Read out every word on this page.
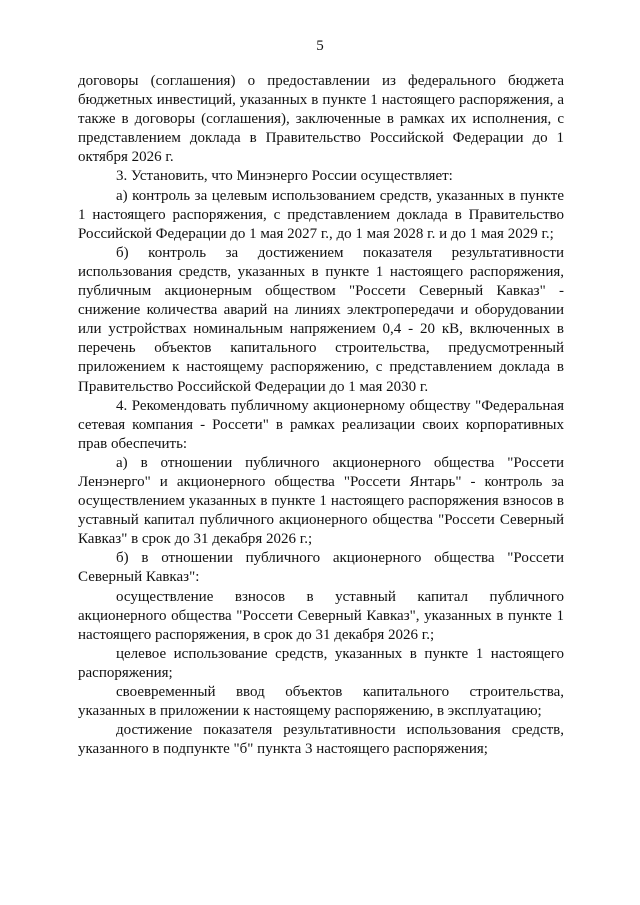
5

договоры (соглашения) о предоставлении из федерального бюджета бюджетных инвестиций, указанных в пункте 1 настоящего распоряжения, а также в договоры (соглашения), заключенные в рамках их исполнения, с представлением доклада в Правительство Российской Федерации до 1 октября 2026 г.

3. Установить, что Минэнерго России осуществляет:

а) контроль за целевым использованием средств, указанных в пункте 1 настоящего распоряжения, с представлением доклада в Правительство Российской Федерации до 1 мая 2027 г., до 1 мая 2028 г. и до 1 мая 2029 г.;

б) контроль за достижением показателя результативности использования средств, указанных в пункте 1 настоящего распоряжения, публичным акционерным обществом "Россети Северный Кавказ" - снижение количества аварий на линиях электропередачи и оборудовании или устройствах номинальным напряжением 0,4 - 20 кВ, включенных в перечень объектов капитального строительства, предусмотренный приложением к настоящему распоряжению, с представлением доклада в Правительство Российской Федерации до 1 мая 2030 г.

4. Рекомендовать публичному акционерному обществу "Федеральная сетевая компания - Россети" в рамках реализации своих корпоративных прав обеспечить:

а) в отношении публичного акционерного общества "Россети Ленэнерго" и акционерного общества "Россети Янтарь" - контроль за осуществлением указанных в пункте 1 настоящего распоряжения взносов в уставный капитал публичного акционерного общества "Россети Северный Кавказ" в срок до 31 декабря 2026 г.;

б) в отношении публичного акционерного общества "Россети Северный Кавказ":

осуществление взносов в уставный капитал публичного акционерного общества "Россети Северный Кавказ", указанных в пункте 1 настоящего распоряжения, в срок до 31 декабря 2026 г.;

целевое использование средств, указанных в пункте 1 настоящего распоряжения;

своевременный ввод объектов капитального строительства, указанных в приложении к настоящему распоряжению, в эксплуатацию;

достижение показателя результативности использования средств, указанного в подпункте "б" пункта 3 настоящего распоряжения;
